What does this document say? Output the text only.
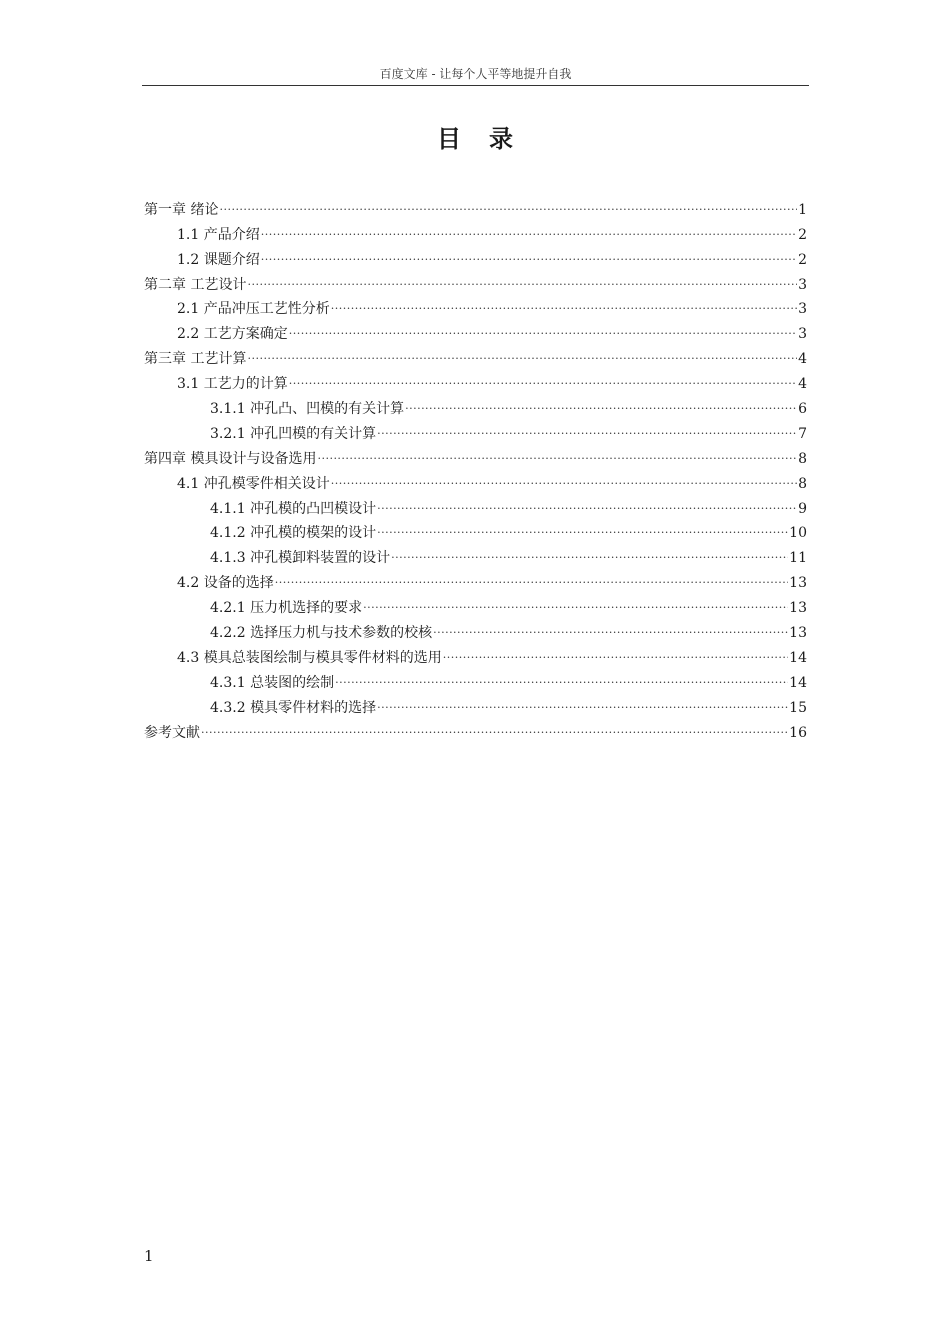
百度文库 - 让每个人平等地提升自我
目录
第一章 绪论 .....	1
1.1 产品介绍 .....	2
1.2 课题介绍 .....	2
第二章 工艺设计 .....	3
2.1 产品冲压工艺性分析 .....	3
2.2 工艺方案确定 .....	3
第三章 工艺计算 .....	4
3.1 工艺力的计算 .....	4
3.1.1 冲孔凸、凹模的有关计算 .....	6
3.2.1 冲孔凹模的有关计算 .....	7
第四章 模具设计与设备选用 .....	8
4.1 冲孔模零件相关设计 .....	8
4.1.1 冲孔模的凸凹模设计 .....	9
4.1.2 冲孔模的模架的设计 .....	10
4.1.3 冲孔模卸料装置的设计 .....	11
4.2 设备的选择 .....	13
4.2.1 压力机选择的要求 .....	13
4.2.2 选择压力机与技术参数的校核 .....	13
4.3 模具总装图绘制与模具零件材料的选用 .....	14
4.3.1 总装图的绘制 .....	14
4.3.2 模具零件材料的选择 .....	15
参考文献 .....	16
1
